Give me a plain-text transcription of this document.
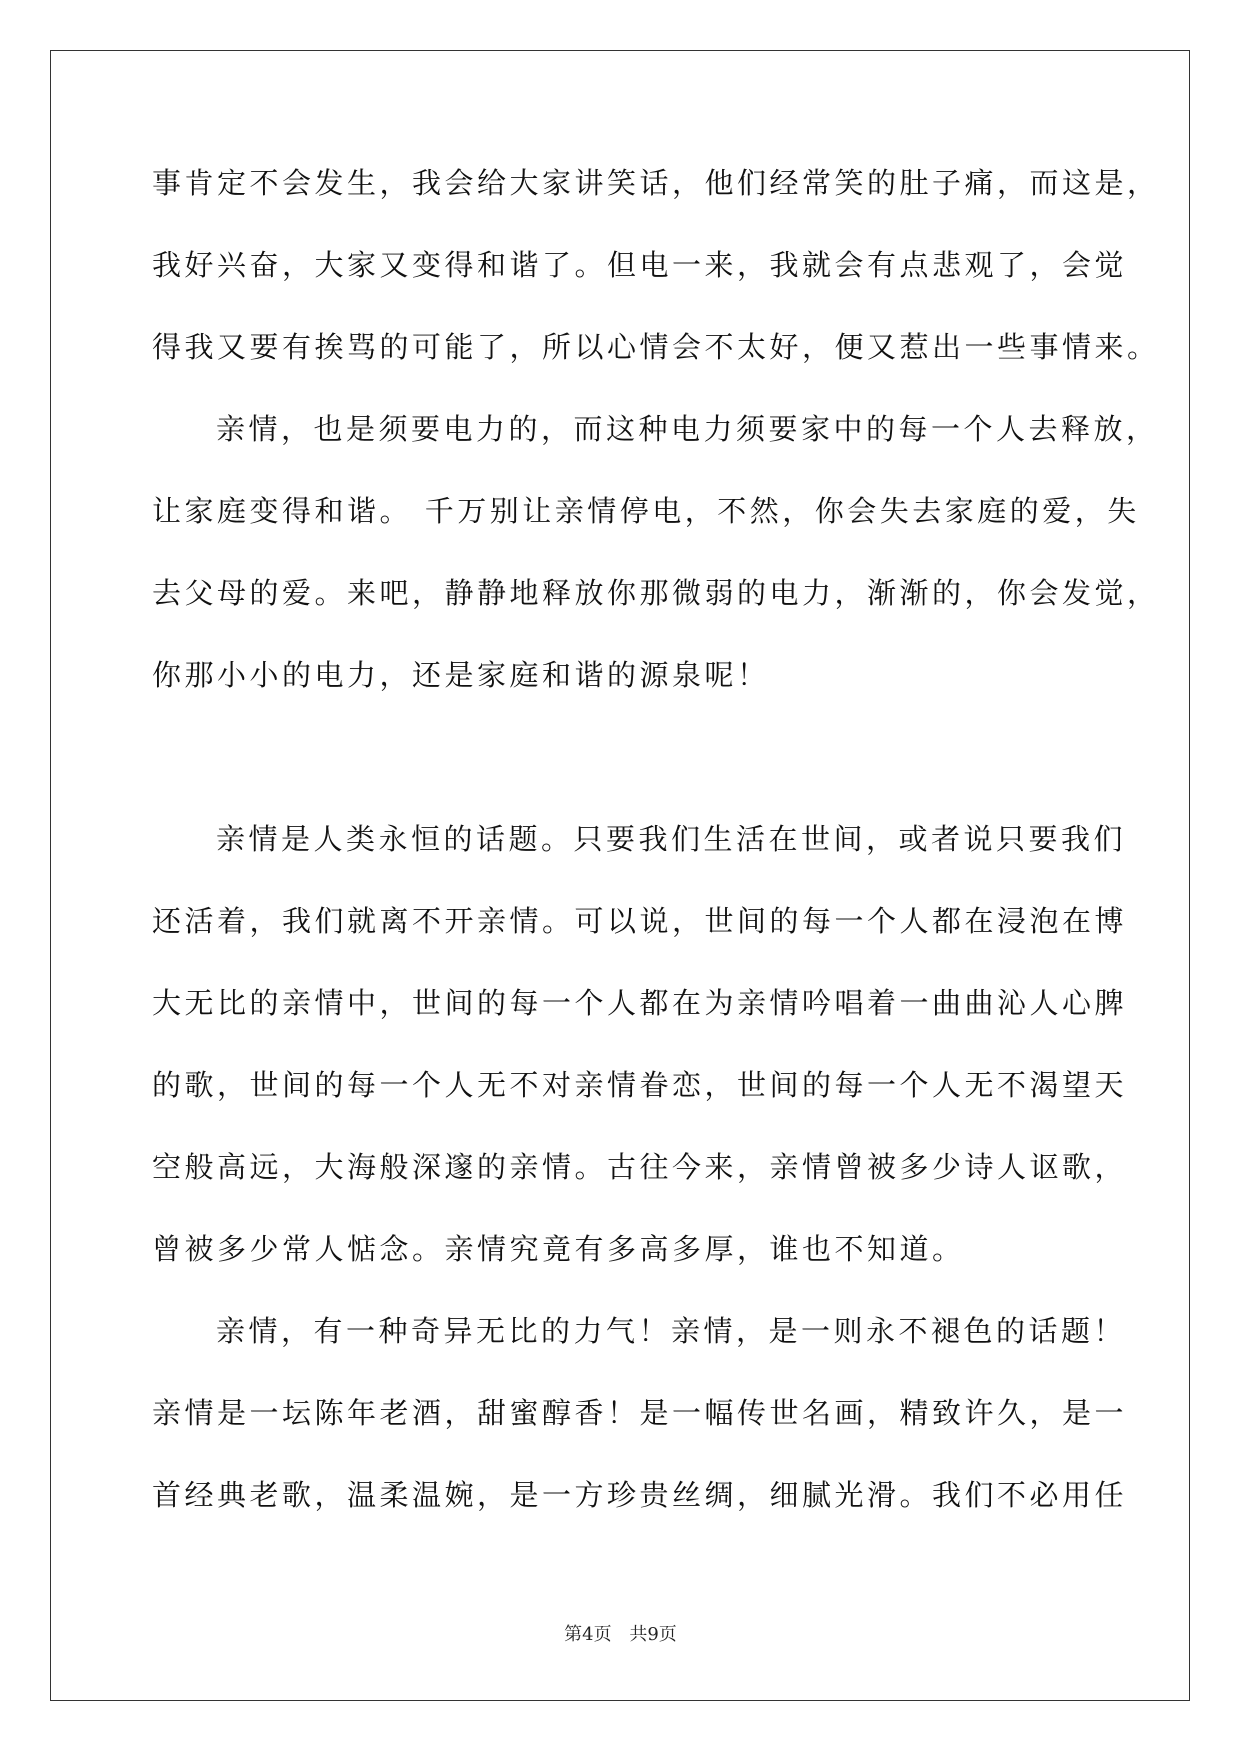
事肯定不会发生，我会给大家讲笑话，他们经常笑的肚子痛，而这是，
我好兴奋，大家又变得和谐了。但电一来，我就会有点悲观了，会觉
得我又要有挨骂的可能了，所以心情会不太好，便又惹出一些事情来。
亲情，也是须要电力的，而这种电力须要家中的每一个人去释放，
让家庭变得和谐。 千万别让亲情停电，不然，你会失去家庭的爱，失
去父母的爱。来吧，静静地释放你那微弱的电力，渐渐的，你会发觉，
你那小小的电力，还是家庭和谐的源泉呢！
亲情是人类永恒的话题。只要我们生活在世间，或者说只要我们
还活着，我们就离不开亲情。可以说，世间的每一个人都在浸泡在博
大无比的亲情中，世间的每一个人都在为亲情吟唱着一曲曲沁人心脾
的歌，世间的每一个人无不对亲情眷恋，世间的每一个人无不渴望天
空般高远，大海般深邃的亲情。古往今来，亲情曾被多少诗人讴歌，
曾被多少常人惦念。亲情究竟有多高多厚，谁也不知道。
亲情，有一种奇异无比的力气！亲情，是一则永不褪色的话题！
亲情是一坛陈年老酒，甜蜜醇香！是一幅传世名画，精致许久，是一
首经典老歌，温柔温婉，是一方珍贵丝绸，细腻光滑。我们不必用任
第4页 共9页
